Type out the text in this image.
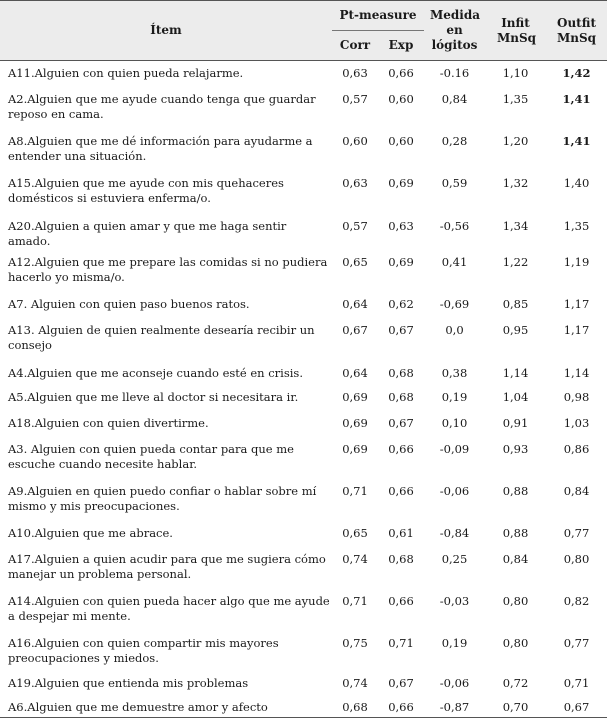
Ítem	Pt-measure		Medida en lógitos	Infit MnSq	Outfit MnSq
	Corr	Exp			
A11.Alguien con quien pueda relajarme.	0,63	0,66	-0.16	1,10	1,42
A2.Alguien que me ayude cuando tenga que guardar reposo en cama.	0,57	0,60	0,84	1,35	1,41
A8.Alguien que me dé información para ayudarme a entender una situación.	0,60	0,60	0,28	1,20	1,41
A15.Alguien que me ayude con mis quehaceres domésticos si estuviera enferma/o.	0,63	0,69	0,59	1,32	1,40
A20.Alguien a quien amar y que me haga sentir amado.	0,57	0,63	-0,56	1,34	1,35
A12.Alguien que me prepare las comidas si no pudiera hacerlo yo misma/o.	0,65	0,69	0,41	1,22	1,19
A7. Alguien con quien paso buenos ratos.	0,64	0,62	-0,69	0,85	1,17
A13. Alguien de quien realmente desearía recibir un consejo	0,67	0,67	0,0	0,95	1,17
A4.Alguien que me aconseje cuando esté en crisis.	0,64	0,68	0,38	1,14	1,14
A5.Alguien que me lleve al doctor si necesitara ir.	0,69	0,68	0,19	1,04	0,98
A18.Alguien con quien divertirme.	0,69	0,67	0,10	0,91	1,03
A3. Alguien con quien pueda contar para que me escuche cuando necesite hablar.	0,69	0,66	-0,09	0,93	0,86
A9.Alguien en quien puedo confiar o hablar sobre mí mismo y mis preocupaciones.	0,71	0,66	-0,06	0,88	0,84
A10.Alguien que me abrace.	0,65	0,61	-0,84	0,88	0,77
A17.Alguien a quien acudir para que me sugiera cómo manejar un problema personal.	0,74	0,68	0,25	0,84	0,80
A14.Alguien con quien pueda hacer algo que me ayude a despejar mi mente.	0,71	0,66	-0,03	0,80	0,82
A16.Alguien con quien compartir mis mayores preocupaciones y miedos.	0,75	0,71	0,19	0,80	0,77
A19.Alguien que entienda mis problemas	0,74	0,67	-0,06	0,72	0,71
A6.Alguien que me demuestre amor y afecto	0,68	0,66	-0,87	0,70	0,67
